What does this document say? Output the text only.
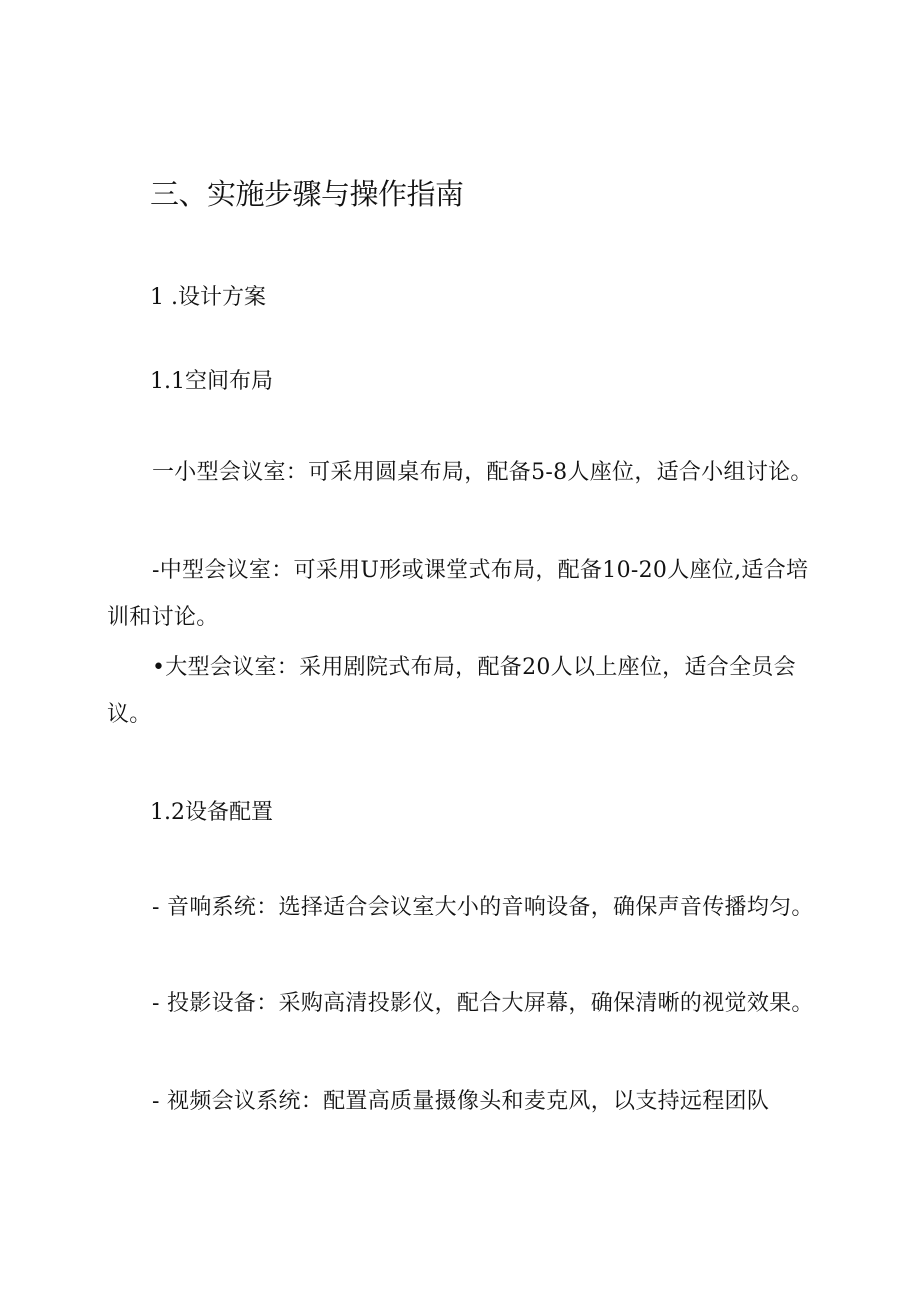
三、实施步骤与操作指南
1 .设计方案
1.1空间布局

一小型会议室：可采用圆桌布局，配备5-8人座位，适合小组讨论。

-中型会议室：可采用U形或课堂式布局，配备10-20人座位,适合培训和讨论。

•大型会议室：采用剧院式布局，配备20人以上座位，适合全员会议。

1.2设备配置

- 音响系统：选择适合会议室大小的音响设备，确保声音传播均匀。

- 投影设备：采购高清投影仪，配合大屏幕，确保清晰的视觉效果。

- 视频会议系统：配置高质量摄像头和麦克风，以支持远程团队
